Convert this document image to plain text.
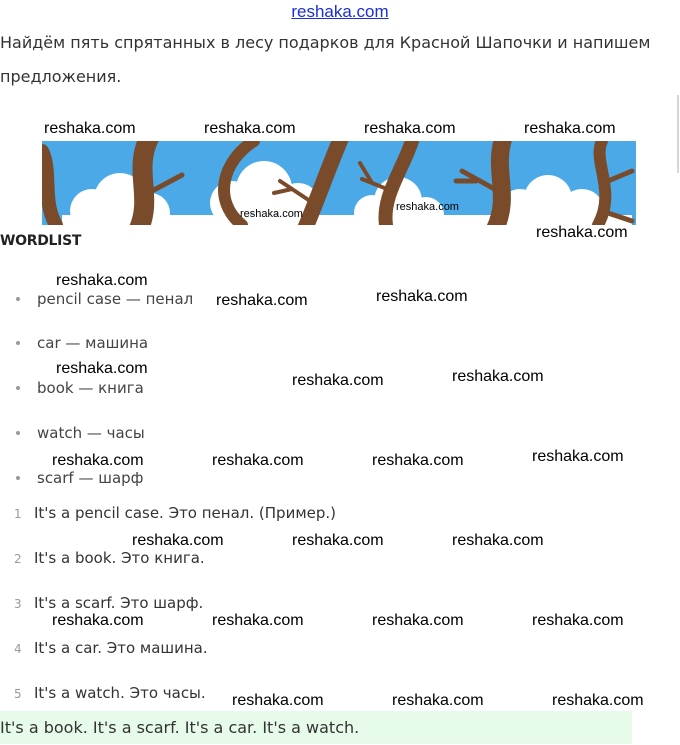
reshaka.com
Найдём пять спрятанных в лесу подарков для Красной Шапочки и напишем
предложения.
WORDLIST
pencil case — пенал
car — машина
book — книга
watch — часы
scarf — шарф
1 It's a pencil case. Это пенал. (Пример.)
2 It's a book. Это книга.
3 It's a scarf. Это шарф.
4 It's a car. Это машина.
5 It's a watch. Это часы.
It's a book. It's a scarf. It's a car. It's a watch.
reshaka.com	reshaka.com	reshaka.com	reshaka.com
reshaka.com
reshaka.com
reshaka.com
reshaka.com
reshaka.com	reshaka.com
reshaka.com
reshaka.com	reshaka.com
reshaka.com	reshaka.com	reshaka.com	reshaka.com
reshaka.com	reshaka.com	reshaka.com
reshaka.com	reshaka.com	reshaka.com	reshaka.com
reshaka.com	reshaka.com	reshaka.com
